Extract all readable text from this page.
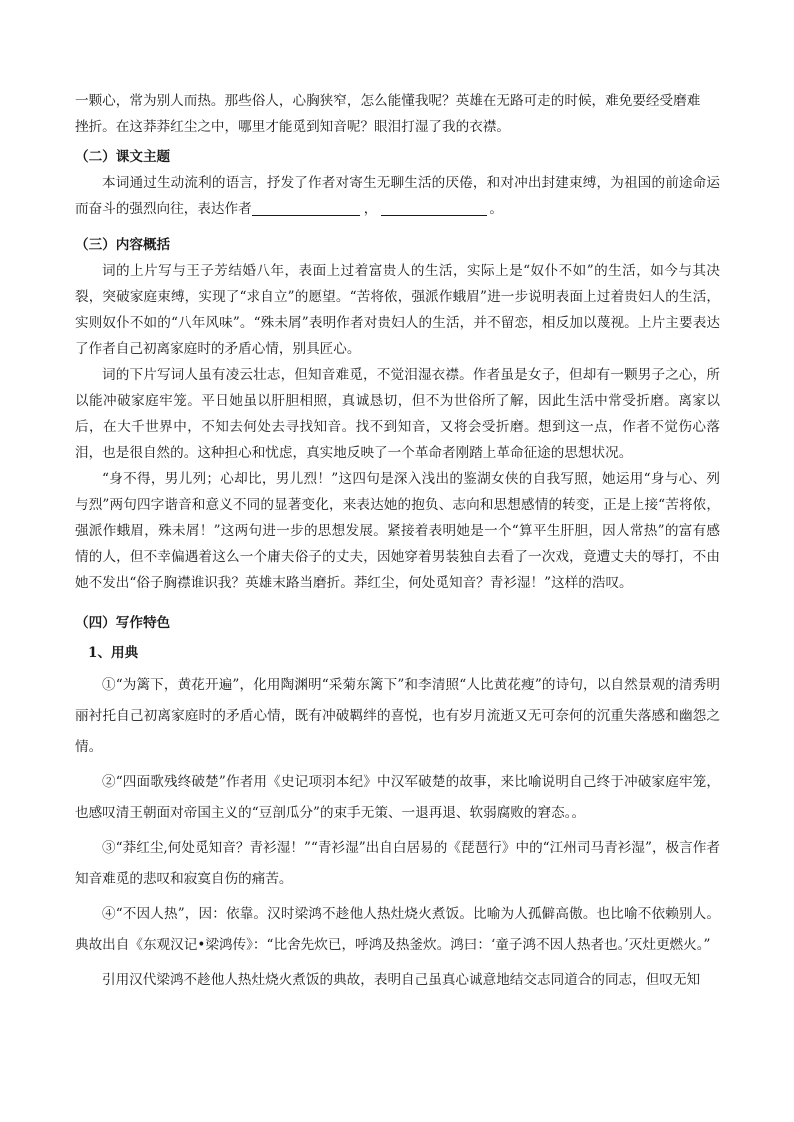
一颗心，常为别人而热。那些俗人，心胸狭窄，怎么能懂我呢？英雄在无路可走的时候，难免要经受磨难

挫折。在这莽莽红尘之中，哪里才能觅到知音呢？眼泪打湿了我的衣襟。

（二）课文主题

本词通过生动流利的语言，抒发了作者对寄生无聊生活的厌倦，和对冲出封建束缚，为祖国的前途命运而奋斗的强烈向往，表达作者	，	。

（三）内容概括

词的上片写与王子芳结婚八年，表面上过着富贵人的生活，实际上是“奴仆不如”的生活，如今与其决裂，突破家庭束缚，实现了“求自立”的愿望。“苦将侬，强派作蛾眉”进一步说明表面上过着贵妇人的生活，实则奴仆不如的“八年风味”。“殊未屑”表明作者对贵妇人的生活，并不留恋，相反加以蔑视。上片主要表达了作者自己初离家庭时的矛盾心情，别具匠心。

词的下片写词人虽有凌云壮志，但知音难觅，不觉泪湿衣襟。作者虽是女子，但却有一颗男子之心，所以能冲破家庭牢笼。平日她虽以肝胆相照，真诚恳切，但不为世俗所了解，因此生活中常受折磨。离家以后，在大千世界中，不知去何处去寻找知音。找不到知音，又将会受折磨。想到这一点，作者不觉伤心落泪，也是很自然的。这种担心和忧虑，真实地反映了一个革命者刚踏上革命征途的思想状况。

“身不得，男儿列；心却比，男儿烈！”这四句是深入浅出的鉴湖女侠的自我写照，她运用“身与心、列与烈”两句四字谐音和意义不同的显著变化，来表达她的抱负、志向和思想感情的转变，正是上接“苦将侬，强派作蛾眉，殊未屑！”这两句进一步的思想发展。紧接着表明她是一个“算平生肝胆，因人常热”的富有感情的人，但不幸偏遇着这么一个庸夫俗子的丈夫，因她穿着男装独自去看了一次戏，竟遭丈夫的辱打，不由她不发出“俗子胸襟谁识我？英雄末路当磨折。莽红尘，何处觅知音？青衫湿！”这样的浩叹。

（四）写作特色
1、用典

①“为篱下，黄花开遍”，化用陶渊明“采菊东篱下”和李清照“人比黄花瘦”的诗句，以自然景观的清秀明丽衬托自己初离家庭时的矛盾心情，既有冲破羁绊的喜悦，也有岁月流逝又无可奈何的沉重失落感和幽怨之情。

②“四面歌残终破楚”作者用《史记项羽本纪》中汉军破楚的故事，来比喻说明自己终于冲破家庭牢笼，也感叹清王朝面对帝国主义的“豆剖瓜分”的束手无策、一退再退、软弱腐败的窘态。。

③“莽红尘,何处觅知音？青衫湿！”“青衫湿”出自白居易的《琵琶行》中的“江州司马青衫湿”，极言作者知音难觅的悲叹和寂寞自伤的痛苦。

④“不因人热”，因：依靠。汉时梁鸿不趁他人热灶烧火煮饭。比喻为人孤僻高傲。也比喻不依赖别人。典故出自《东观汉记•梁鸿传》：“比舍先炊已，呼鸿及热釜炊。鸿曰：‘童子鸿不因人热者也。’灭灶更燃火。”

引用汉代梁鸿不趁他人热灶烧火煮饭的典故，表明自己虽真心诚意地结交志同道合的同志，但叹无知
